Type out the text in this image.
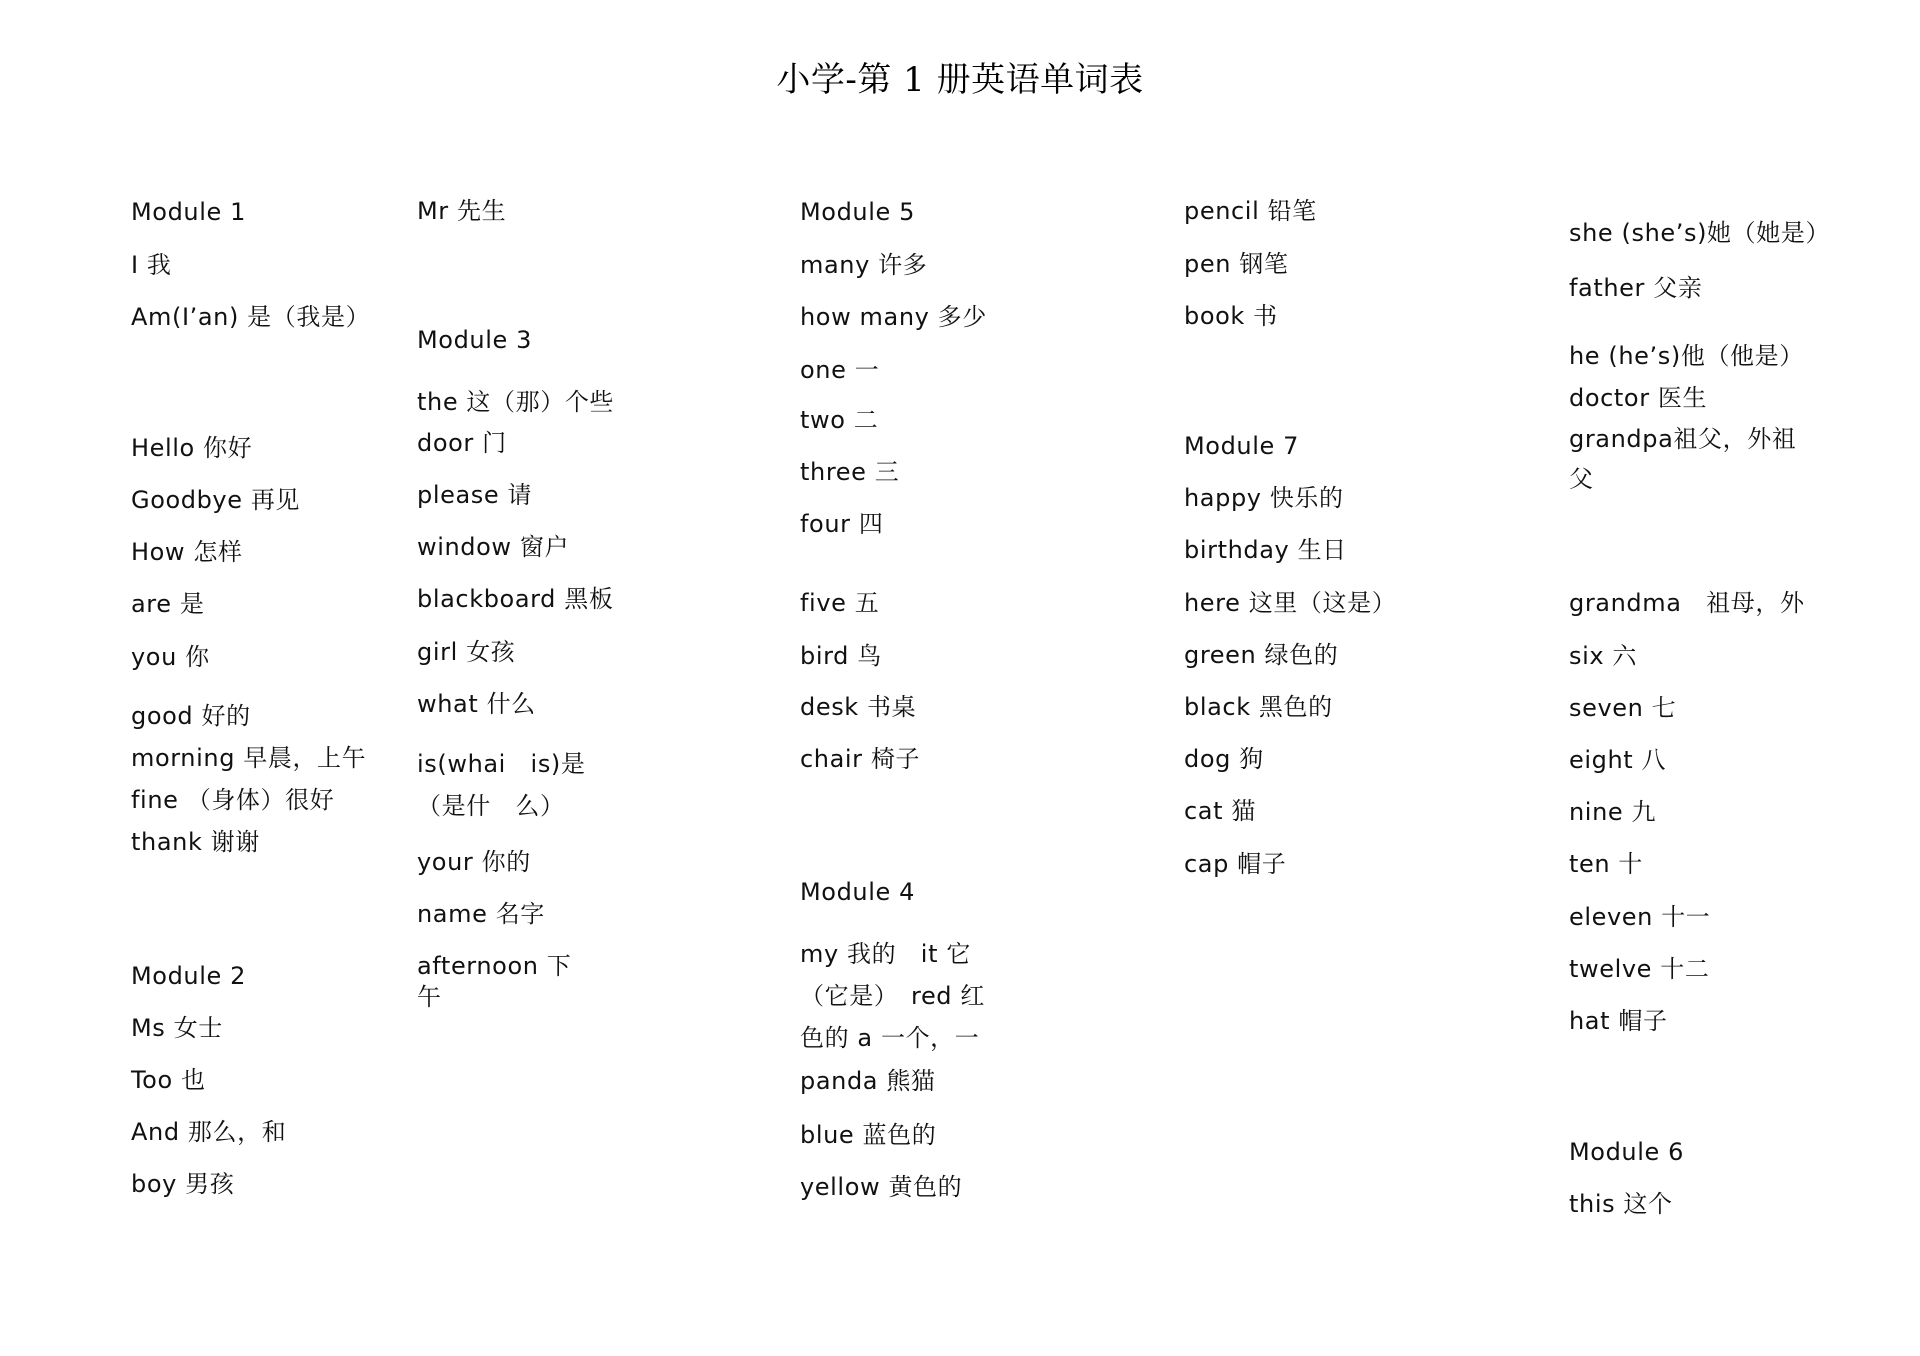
小学-第 1 册英语单词表
Module 1
I 我
Am(I’an) 是（我是）
Hello 你好
Goodbye 再见
How 怎样
are 是
you 你
good 好的
morning 早晨，上午
fine （身体）很好
thank 谢谢
Module 2
Ms 女士
Too 也
And 那么，和
boy 男孩
Mr 先生
Module 3
the 这（那）个些
door 门
please 请
window 窗户
blackboard 黑板
girl 女孩
what 什么
is(whai　is)是
（是什　么）
your 你的
name 名字
afternoon 下
午
Module 5
many 许多
how many 多少
one 一
two 二
three 三
four 四
five 五
bird 鸟
desk 书桌
chair 椅子
Module 4
my 我的　it 它
（它是）　red 红
色的 a 一个，一
panda 熊猫
blue 蓝色的
yellow 黄色的
pencil 铅笔
pen 钢笔
book 书
Module 7
happy 快乐的
birthday 生日
here 这里（这是）
green 绿色的
black 黑色的
dog 狗
cat 猫
cap 帽子
she (she’s)她（她是）
father 父亲
he (he’s)他（他是）
doctor 医生
grandpa祖父，外祖
父
grandma　祖母，外
six 六
seven 七
eight 八
nine 九
ten 十
eleven 十一
twelve 十二
hat 帽子
Module 6
this 这个
